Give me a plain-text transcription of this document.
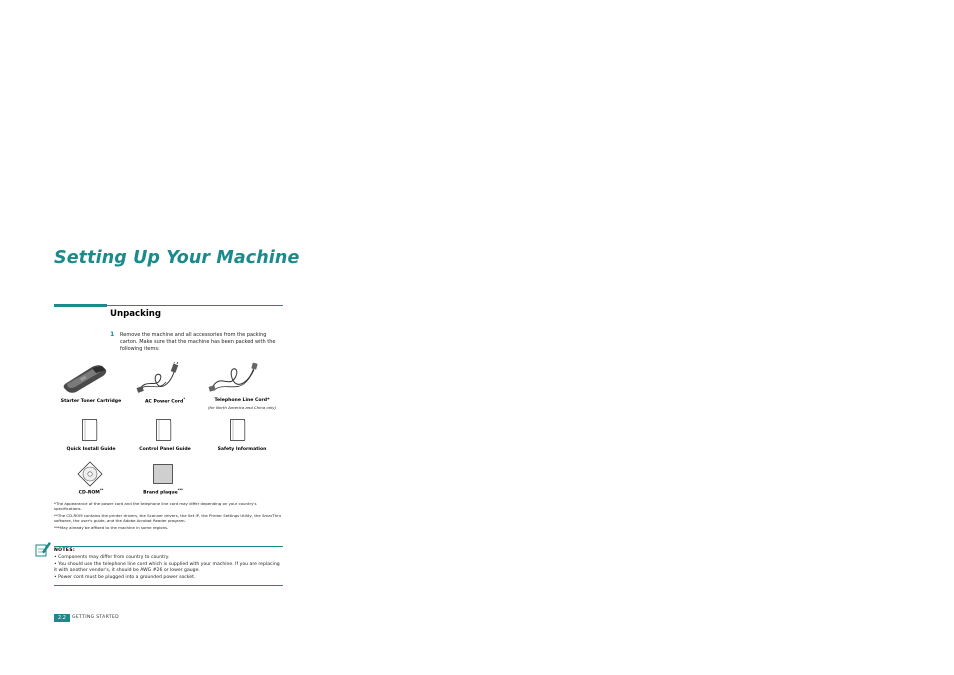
Setting Up Your Machine
Unpacking
1 Remove the machine and all accessories from the packing carton. Make sure that the machine has been packed with the following items:
Starter Toner Cartridge	AC Power Cord*	Telephone Line Cord*
(for North America and China only)
Quick Install Guide	Control Panel Guide	Safety Information
CD-ROM**
Brand plaque***
*The appearance of the power cord and the telephone line cord may differ depending on your country's specifications.
**The CD-ROM contains the printer drivers, the Scanner drivers, the Set IP, the Printer Settings Utility, the SmarThru software, the user's guide, and the Adobe Acrobat Reader program.
***May already be affixed to the machine in some regions.
NOTES:
• Components may differ from country to country.
• You should use the telephone line cord which is supplied with your machine. If you are replacing it with another vendor's, it should be AWG #26 or lower gauge.
• Power cord must be plugged into a grounded power socket.
2.2	GETTING STARTED
